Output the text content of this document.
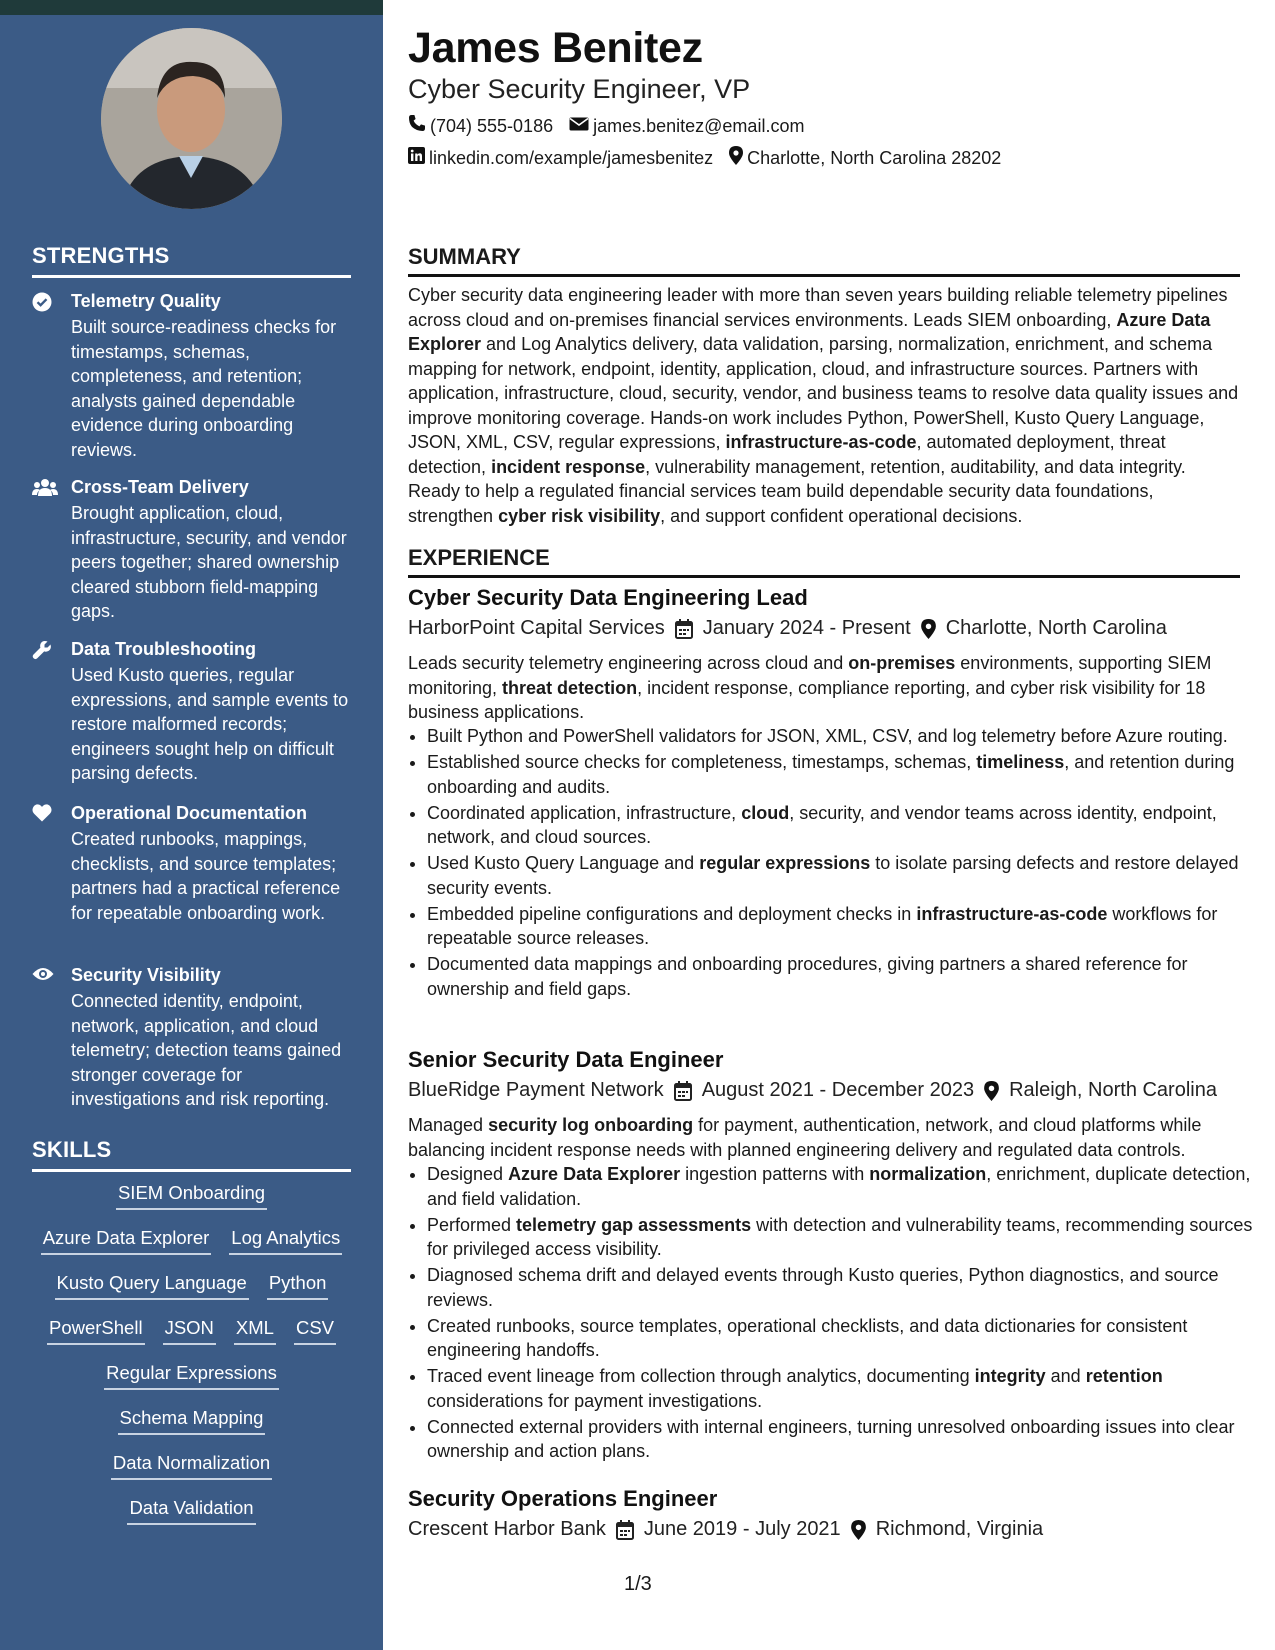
STRENGTHS
Telemetry Quality
Built source-readiness checks for timestamps, schemas, completeness, and retention; analysts gained dependable evidence during onboarding reviews.
Cross-Team Delivery
Brought application, cloud, infrastructure, security, and vendor peers together; shared ownership cleared stubborn field-mapping gaps.
Data Troubleshooting
Used Kusto queries, regular expressions, and sample events to restore malformed records; engineers sought help on difficult parsing defects.
Operational Documentation
Created runbooks, mappings, checklists, and source templates; partners had a practical reference for repeatable onboarding work.
Security Visibility
Connected identity, endpoint, network, application, and cloud telemetry; detection teams gained stronger coverage for investigations and risk reporting.
SKILLS
SIEM Onboarding
Azure Data Explorer Log Analytics
Kusto Query Language Python
PowerShell JSON XML CSV
Regular Expressions
Schema Mapping
Data Normalization
Data Validation
James Benitez
Cyber Security Engineer, VP
(704) 555-0186 james.benitez@email.com
linkedin.com/example/jamesbenitez Charlotte, North Carolina 28202
SUMMARY
Cyber security data engineering leader with more than seven years building reliable telemetry pipelines across cloud and on-premises financial services environments. Leads SIEM onboarding, Azure Data Explorer and Log Analytics delivery, data validation, parsing, normalization, enrichment, and schema mapping for network, endpoint, identity, application, cloud, and infrastructure sources. Partners with application, infrastructure, cloud, security, vendor, and business teams to resolve data quality issues and improve monitoring coverage. Hands-on work includes Python, PowerShell, Kusto Query Language, JSON, XML, CSV, regular expressions, infrastructure-as-code, automated deployment, threat detection, incident response, vulnerability management, retention, auditability, and data integrity. Ready to help a regulated financial services team build dependable security data foundations, strengthen cyber risk visibility, and support confident operational decisions.
EXPERIENCE
Cyber Security Data Engineering Lead
HarborPoint Capital Services January 2024 - Present Charlotte, North Carolina
Leads security telemetry engineering across cloud and on-premises environments, supporting SIEM monitoring, threat detection, incident response, compliance reporting, and cyber risk visibility for 18 business applications.
• Built Python and PowerShell validators for JSON, XML, CSV, and log telemetry before Azure routing.
• Established source checks for completeness, timestamps, schemas, timeliness, and retention during onboarding and audits.
• Coordinated application, infrastructure, cloud, security, and vendor teams across identity, endpoint, network, and cloud sources.
• Used Kusto Query Language and regular expressions to isolate parsing defects and restore delayed security events.
• Embedded pipeline configurations and deployment checks in infrastructure-as-code workflows for repeatable source releases.
• Documented data mappings and onboarding procedures, giving partners a shared reference for ownership and field gaps.
Senior Security Data Engineer
BlueRidge Payment Network August 2021 - December 2023 Raleigh, North Carolina
Managed security log onboarding for payment, authentication, network, and cloud platforms while balancing incident response needs with planned engineering delivery and regulated data controls.
• Designed Azure Data Explorer ingestion patterns with normalization, enrichment, duplicate detection, and field validation.
• Performed telemetry gap assessments with detection and vulnerability teams, recommending sources for privileged access visibility.
• Diagnosed schema drift and delayed events through Kusto queries, Python diagnostics, and source reviews.
• Created runbooks, source templates, operational checklists, and data dictionaries for consistent engineering handoffs.
• Traced event lineage from collection through analytics, documenting integrity and retention considerations for payment investigations.
• Connected external providers with internal engineers, turning unresolved onboarding issues into clear ownership and action plans.
Security Operations Engineer
Crescent Harbor Bank June 2019 - July 2021 Richmond, Virginia
1/3
